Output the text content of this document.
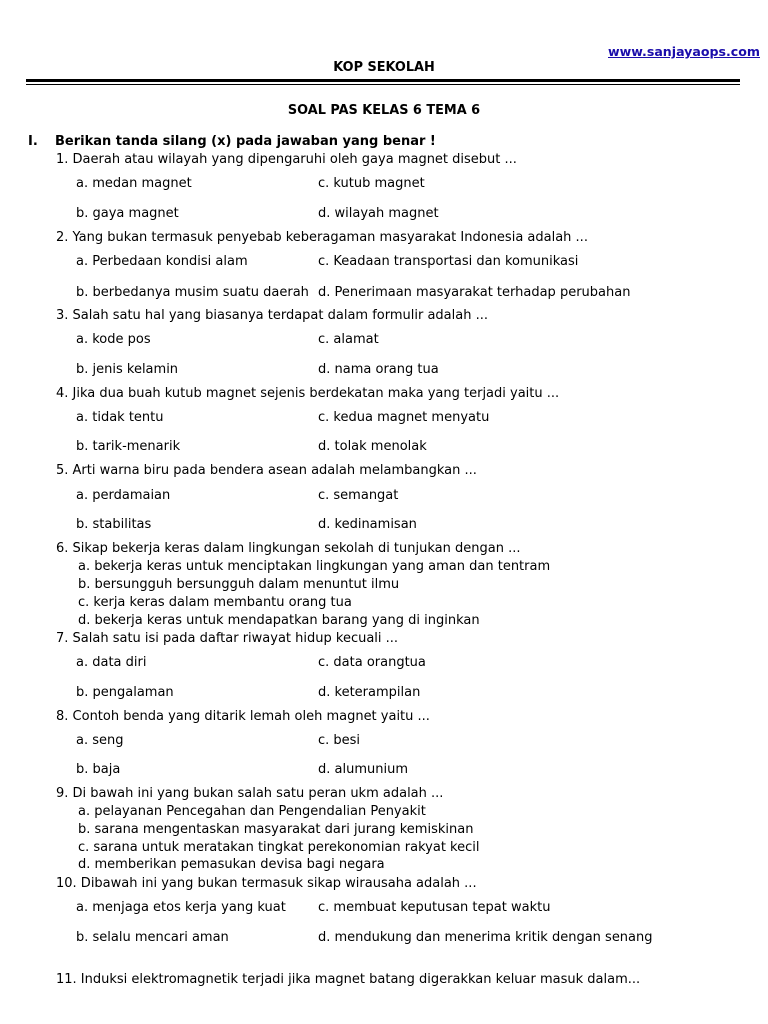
www.sanjayaops.com
KOP SEKOLAH
SOAL PAS KELAS 6 TEMA 6
I. Berikan tanda silang (x) pada jawaban yang benar !
1. Daerah atau wilayah yang dipengaruhi oleh gaya magnet disebut ...
a. medan magnet	c. kutub magnet
b. gaya magnet	d. wilayah magnet
2. Yang bukan termasuk penyebab keberagaman masyarakat Indonesia adalah ...
a. Perbedaan kondisi alam	c. Keadaan transportasi dan komunikasi
b. berbedanya musim suatu daerah d. Penerimaan masyarakat terhadap perubahan
3. Salah satu hal yang biasanya terdapat dalam formulir adalah ...
a. kode pos	c. alamat
b. jenis kelamin	d. nama orang tua
4. Jika dua buah kutub magnet sejenis berdekatan maka yang terjadi yaitu ...
a. tidak tentu	c. kedua magnet menyatu
b. tarik-menarik	d. tolak menolak
5. Arti warna biru pada bendera asean adalah melambangkan ...
a. perdamaian	c. semangat
b. stabilitas	d. kedinamisan
6. Sikap bekerja keras dalam lingkungan sekolah di tunjukan dengan ...
a. bekerja keras untuk menciptakan lingkungan yang aman dan tentram
b. bersungguh bersungguh dalam menuntut ilmu
c. kerja keras dalam membantu orang tua
d. bekerja keras untuk mendapatkan barang yang di inginkan
7. Salah satu isi pada daftar riwayat hidup kecuali ...
a. data diri	c. data orangtua
b. pengalaman	d. keterampilan
8. Contoh benda yang ditarik lemah oleh magnet yaitu ...
a. seng	c. besi
b. baja	d. alumunium
9. Di bawah ini yang bukan salah satu peran ukm adalah ...
a. pelayanan Pencegahan dan Pengendalian Penyakit
b. sarana mengentaskan masyarakat dari jurang kemiskinan
c. sarana untuk meratakan tingkat perekonomian rakyat kecil
d. memberikan pemasukan devisa bagi negara
10. Dibawah ini yang bukan termasuk sikap wirausaha adalah ...
a. menjaga etos kerja yang kuat c. membuat keputusan tepat waktu
b. selalu mencari aman	d. mendukung dan menerima kritik dengan senang
11. Induksi elektromagnetik terjadi jika magnet batang digerakkan keluar masuk dalam...
